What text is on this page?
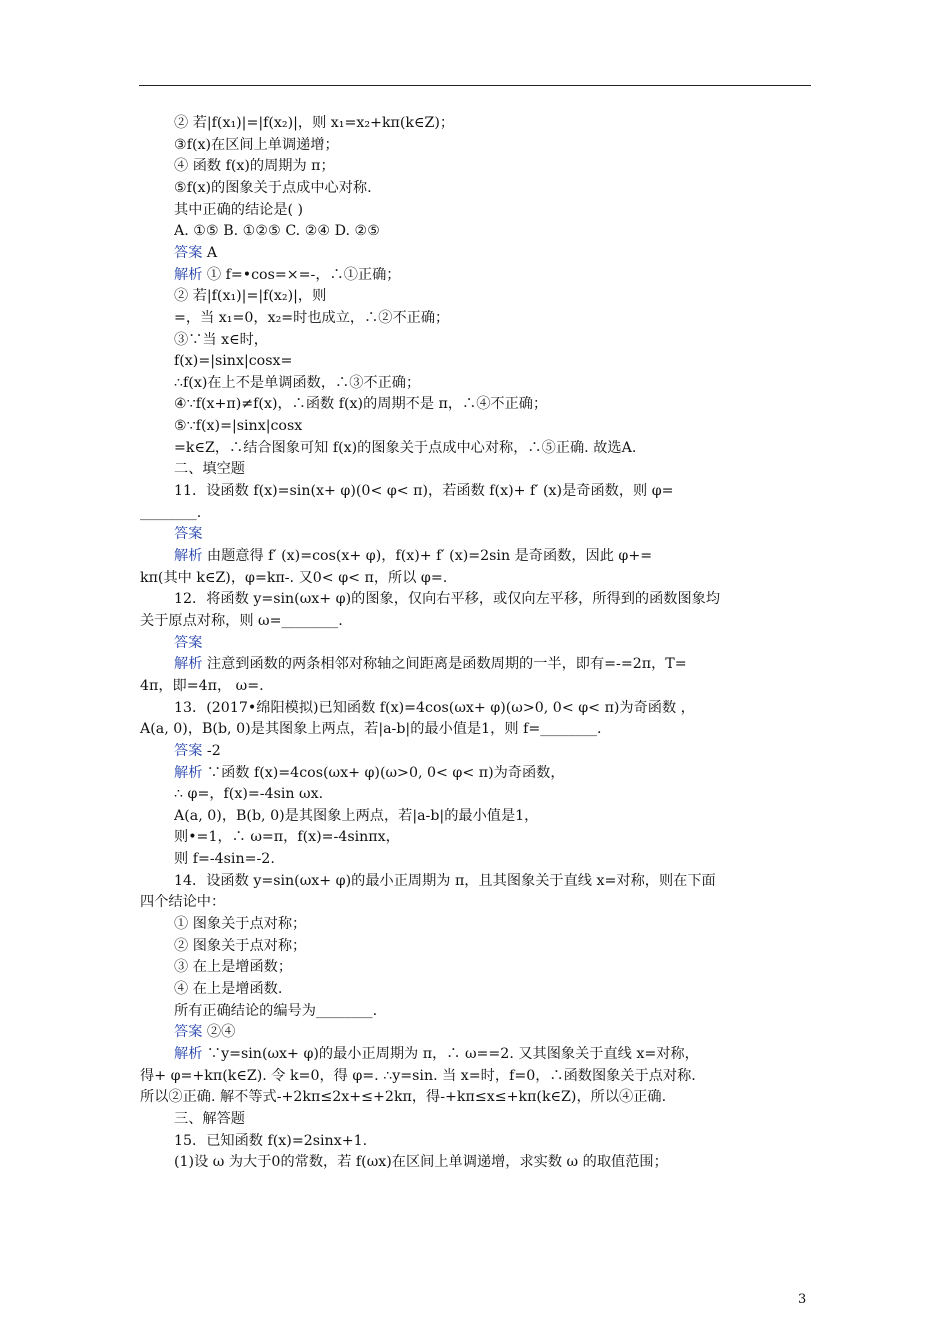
② 若|f(x₁)|=|f(x₂)|，则 x₁=x₂+kπ(k∈Z)；
③f(x)在区间上单调递增；
④ 函数 f(x)的周期为 π；
⑤f(x)的图象关于点成中心对称.
其中正确的结论是( )
A. ①⑤ B. ①②⑤ C. ②④ D. ②⑤
答案 A
解析 ① f=•cos=×=-，∴①正确；
② 若|f(x₁)|=|f(x₂)|，则
=，当 x₁=0，x₂=时也成立，∴②不正确；
③∵当 x∈时，
f(x)=|sinx|cosx=
∴f(x)在上不是单调函数，∴③不正确；
④∵f(x+π)≠f(x)，∴函数 f(x)的周期不是 π，∴④不正确；
⑤∵f(x)=|sinx|cosx
=k∈Z，∴结合图象可知 f(x)的图象关于点成中心对称，∴⑤正确. 故选A.
二、填空题
11．设函数 f(x)=sin(x+ φ)(0< φ< π)，若函数 f(x)+ f′ (x)是奇函数，则 φ=
________.
答案
解析 由题意得 f′ (x)=cos(x+ φ)，f(x)+ f′ (x)=2sin 是奇函数，因此 φ+=
kπ(其中 k∈Z)，φ=kπ-. 又0< φ< π，所以 φ=.
12．将函数 y=sin(ωx+ φ)的图象，仅向右平移，或仅向左平移，所得到的函数图象均
关于原点对称，则 ω=________.
答案
解析 注意到函数的两条相邻对称轴之间距离是函数周期的一半，即有=-=2π，T=
4π，即=4π， ω=.
13．(2017•绵阳模拟)已知函数 f(x)=4cos(ωx+ φ)(ω>0, 0< φ< π)为奇函数 ，
A(a, 0)，B(b, 0)是其图象上两点，若|a-b|的最小值是1，则 f=________.
答案 -2
解析 ∵函数 f(x)=4cos(ωx+ φ)(ω>0, 0< φ< π)为奇函数，
∴ φ=，f(x)=-4sin ωx.
A(a, 0)，B(b, 0)是其图象上两点，若|a-b|的最小值是1，
则•=1，∴ ω=π，f(x)=-4sinπx，
则 f=-4sin=-2.
14．设函数 y=sin(ωx+ φ)的最小正周期为 π，且其图象关于直线 x=对称，则在下面
四个结论中：
① 图象关于点对称；
② 图象关于点对称；
③ 在上是增函数；
④ 在上是增函数.
所有正确结论的编号为________.
答案 ②④
解析 ∵y=sin(ωx+ φ)的最小正周期为 π，∴ ω==2. 又其图象关于直线 x=对称，
得+ φ=+kπ(k∈Z). 令 k=0，得 φ=. ∴y=sin. 当 x=时，f=0，∴函数图象关于点对称.
所以②正确. 解不等式-+2kπ≤2x+≤+2kπ，得-+kπ≤x≤+kπ(k∈Z)，所以④正确.
三、解答题
15．已知函数 f(x)=2sinx+1.
(1)设 ω 为大于0的常数，若 f(ωx)在区间上单调递增，求实数 ω 的取值范围；
3
